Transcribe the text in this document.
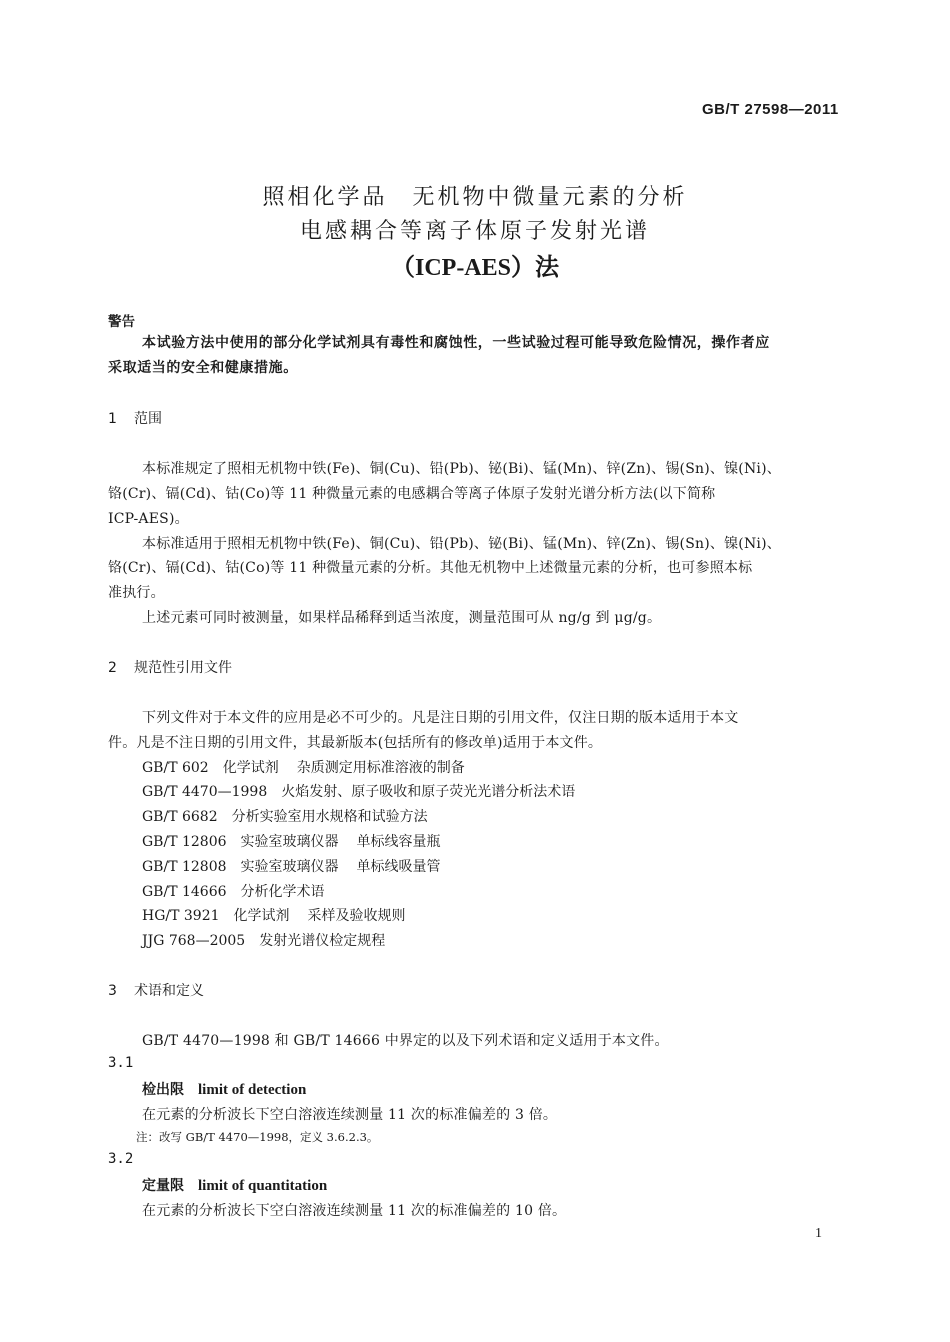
GB/T 27598—2011
照相化学品　无机物中微量元素的分析
电感耦合等离子体原子发射光谱
（ICP-AES）法
警告
本试验方法中使用的部分化学试剂具有毒性和腐蚀性，一些试验过程可能导致危险情况，操作者应
采取适当的安全和健康措施。
1 范围
本标准规定了照相无机物中铁(Fe)、铜(Cu)、铅(Pb)、铋(Bi)、锰(Mn)、锌(Zn)、锡(Sn)、镍(Ni)、
铬(Cr)、镉(Cd)、钴(Co)等 11 种微量元素的电感耦合等离子体原子发射光谱分析方法(以下简称
ICP-AES)。
本标准适用于照相无机物中铁(Fe)、铜(Cu)、铅(Pb)、铋(Bi)、锰(Mn)、锌(Zn)、锡(Sn)、镍(Ni)、
铬(Cr)、镉(Cd)、钴(Co)等 11 种微量元素的分析。其他无机物中上述微量元素的分析，也可参照本标
准执行。
上述元素可同时被测量，如果样品稀释到适当浓度，测量范围可从 ng/g 到 μg/g。
2 规范性引用文件
下列文件对于本文件的应用是必不可少的。凡是注日期的引用文件，仅注日期的版本适用于本文
件。凡是不注日期的引用文件，其最新版本(包括所有的修改单)适用于本文件。
GB/T 602 化学试剂 杂质测定用标准溶液的制备
GB/T 4470—1998 火焰发射、原子吸收和原子荧光光谱分析法术语
GB/T 6682 分析实验室用水规格和试验方法
GB/T 12806 实验室玻璃仪器 单标线容量瓶
GB/T 12808 实验室玻璃仪器 单标线吸量管
GB/T 14666 分析化学术语
HG/T 3921 化学试剂 采样及验收规则
JJG 768—2005 发射光谱仪检定规程
3 术语和定义
GB/T 4470—1998 和 GB/T 14666 中界定的以及下列术语和定义适用于本文件。
3.1
检出限 limit of detection
在元素的分析波长下空白溶液连续测量 11 次的标准偏差的 3 倍。
注：改写 GB/T 4470—1998，定义 3.6.2.3。
3.2
定量限 limit of quantitation
在元素的分析波长下空白溶液连续测量 11 次的标准偏差的 10 倍。
1
